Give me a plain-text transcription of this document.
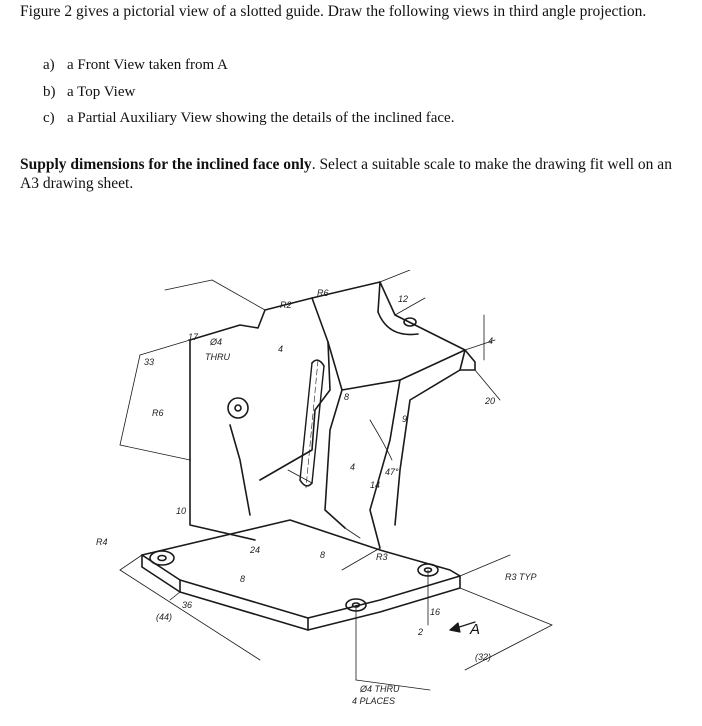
Figure 2 gives a pictorial view of a slotted guide. Draw the following views in third angle projection.
a) a Front View taken from A
b) a Top View
c) a Partial Auxiliary View showing the details of the inclined face.
Supply dimensions for the inclined face only. Select a suitable scale to make the drawing fit well on an A3 drawing sheet.
R2
R6
12
17 Ø4
THRU
4
33
R6
8
4
14
9
47°
20
4
10
R4
24
8
R3
R3 TYP
36
(44)
8
16
2	A
(32)
Ø4 THRU
4 PLACES
